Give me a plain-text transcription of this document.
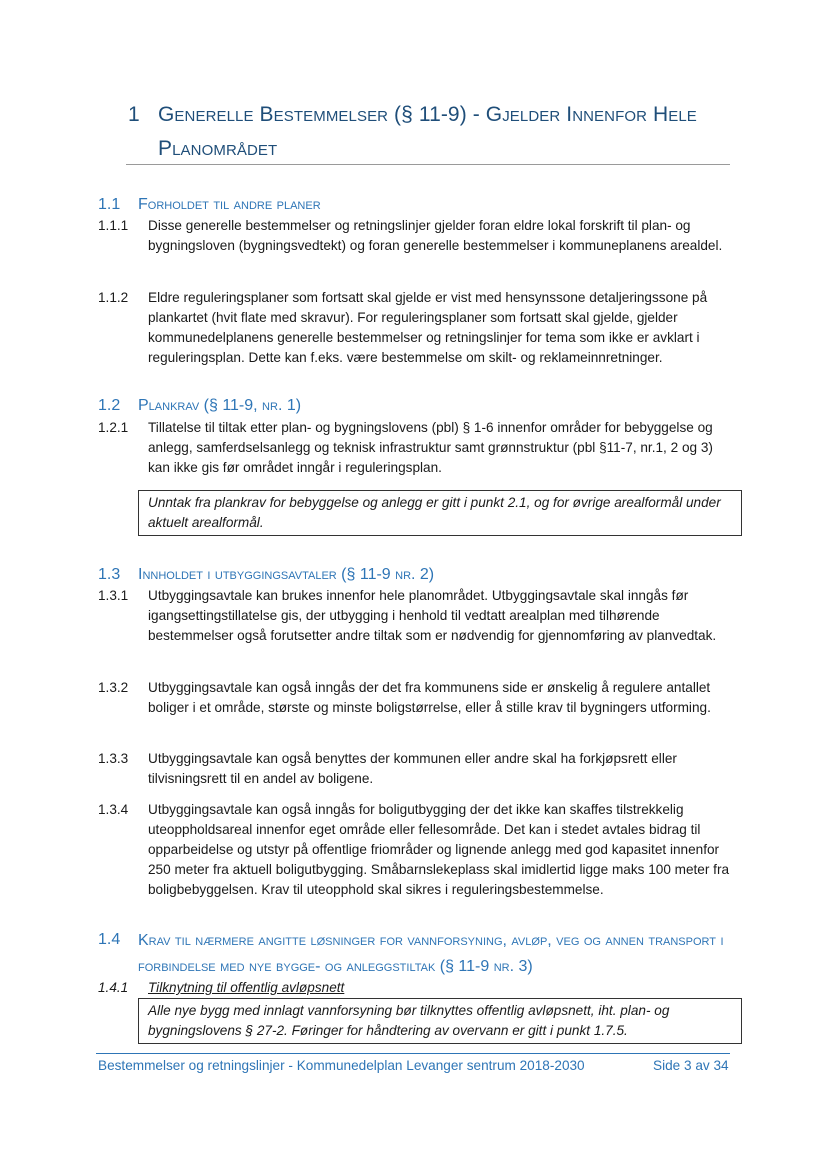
1 Generelle Bestemmelser (§ 11-9) - Gjelder Innenfor Hele Planområdet
1.1	Forholdet til andre planer
1.1.1	Disse generelle bestemmelser og retningslinjer gjelder foran eldre lokal forskrift til plan- og bygningsloven (bygningsvedtekt) og foran generelle bestemmelser i kommuneplanens arealdel.
1.1.2	Eldre reguleringsplaner som fortsatt skal gjelde er vist med hensynssone detaljeringssone på plankartet (hvit flate med skravur). For reguleringsplaner som fortsatt skal gjelde, gjelder kommunedelplanens generelle bestemmelser og retningslinjer for tema som ikke er avklart i reguleringsplan. Dette kan f.eks. være bestemmelse om skilt- og reklameinnretninger.
1.2	Plankrav (§ 11-9, nr. 1)
1.2.1	Tillatelse til tiltak etter plan- og bygningslovens (pbl) § 1-6 innenfor områder for bebyggelse og anlegg, samferdselsanlegg og teknisk infrastruktur samt grønnstruktur (pbl §11-7, nr.1, 2 og 3) kan ikke gis før området inngår i reguleringsplan.
Unntak fra plankrav for bebyggelse og anlegg er gitt i punkt 2.1, og for øvrige arealformål under aktuelt arealformål.
1.3	Innholdet i utbyggingsavtaler (§ 11-9 nr. 2)
1.3.1	Utbyggingsavtale kan brukes innenfor hele planområdet. Utbyggingsavtale skal inngås før igangsettingstillatelse gis, der utbygging i henhold til vedtatt arealplan med tilhørende bestemmelser også forutsetter andre tiltak som er nødvendig for gjennomføring av planvedtak.
1.3.2	Utbyggingsavtale kan også inngås der det fra kommunens side er ønskelig å regulere antallet boliger i et område, største og minste boligstørrelse, eller å stille krav til bygningers utforming.
1.3.3	Utbyggingsavtale kan også benyttes der kommunen eller andre skal ha forkjøpsrett eller tilvisningsrett til en andel av boligene.
1.3.4	Utbyggingsavtale kan også inngås for boligutbygging der det ikke kan skaffes tilstrekkelig uteoppholdsareal innenfor eget område eller fellesområde. Det kan i stedet avtales bidrag til opparbeidelse og utstyr på offentlige friområder og lignende anlegg med god kapasitet innenfor 250 meter fra aktuell boligutbygging. Småbarnslekeplass skal imidlertid ligge maks 100 meter fra boligbebyggelsen. Krav til uteopphold skal sikres i reguleringsbestemmelse.
1.4	Krav til nærmere angitte løsninger for vannforsyning, avløp, veg og annen transport i forbindelse med nye bygge- og anleggstiltak (§ 11-9 nr. 3)
1.4.1	Tilknytning til offentlig avløpsnett
Alle nye bygg med innlagt vannforsyning bør tilknyttes offentlig avløpsnett, iht. plan- og bygningslovens § 27-2. Føringer for håndtering av overvann er gitt i punkt 1.7.5.
Bestemmelser og retningslinjer - Kommunedelplan Levanger sentrum 2018-2030	Side 3 av 34
